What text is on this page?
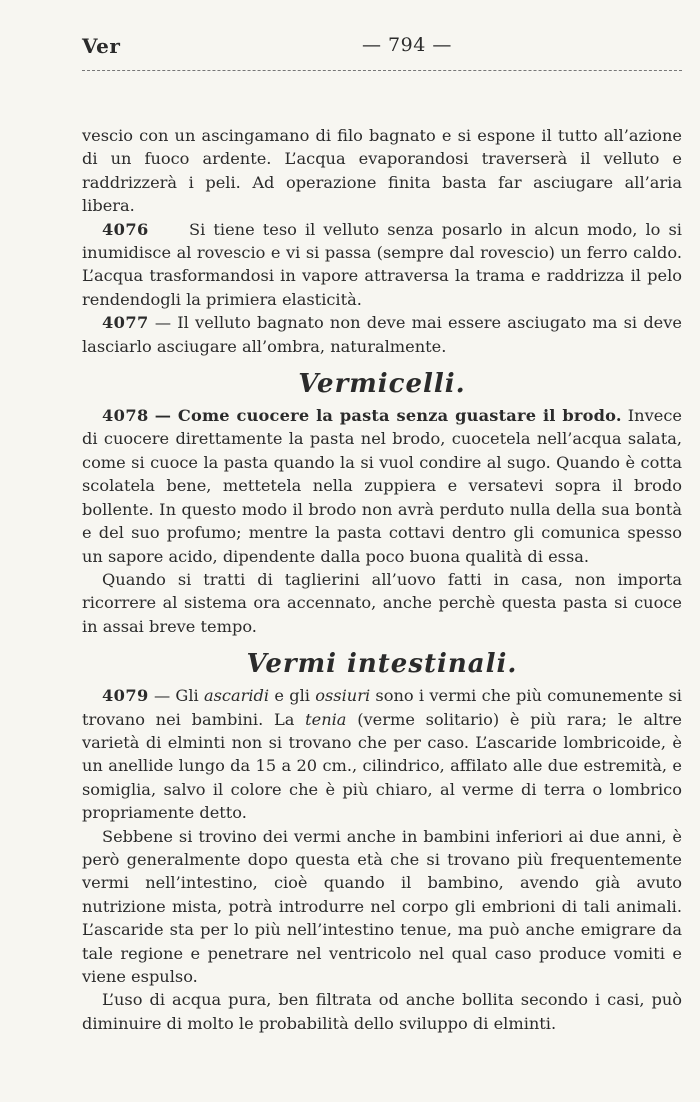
Ver	— 794 —

vescio con un ascingamano di filo bagnato e si espone il tutto all’azione di un fuoco ardente. L’acqua evaporandosi traverserà il velluto e raddrizzerà i peli. Ad operazione finita basta far asciugare all’aria libera.

4076 Si tiene teso il velluto senza posarlo in alcun modo, lo si inumidisce al rovescio e vi si passa (sempre dal rovescio) un ferro caldo. L’acqua trasformandosi in vapore attraversa la trama e raddrizza il pelo rendendogli la primiera elasticità.

4077 — Il velluto bagnato non deve mai essere asciugato ma si deve lasciarlo asciugare all’ombra, naturalmente.

Vermicelli.

4078 — Come cuocere la pasta senza guastare il brodo. Invece di cuocere direttamente la pasta nel brodo, cuocetela nell’acqua salata, come si cuoce la pasta quando la si vuol condire al sugo. Quando è cotta scolatela bene, mettetela nella zuppiera e versatevi sopra il brodo bollente. In questo modo il brodo non avrà perduto nulla della sua bontà e del suo profumo; mentre la pasta cottavi dentro gli comunica spesso un sapore acido, dipendente dalla poco buona qualità di essa.

Quando si tratti di taglierini all’uovo fatti in casa, non importa ricorrere al sistema ora accennato, anche perchè questa pasta si cuoce in assai breve tempo.

Vermi intestinali.

4079 — Gli ascaridi e gli ossiuri sono i vermi che più comunemente si trovano nei bambini. La tenia (verme solitario) è più rara; le altre varietà di elminti non si trovano che per caso. L’ascaride lombricoide, è un anellide lungo da 15 a 20 cm., cilindrico, affilato alle due estremità, e somiglia, salvo il colore che è più chiaro, al verme di terra o lombrico propriamente detto.

Sebbene si trovino dei vermi anche in bambini inferiori ai due anni, è però generalmente dopo questa età che si trovano più frequentemente vermi nell’intestino, cioè quando il bambino, avendo già avuto nutrizione mista, potrà introdurre nel corpo gli embrioni di tali animali. L’ascaride sta per lo più nell’intestino tenue, ma può anche emigrare da tale regione e penetrare nel ventricolo nel qual caso produce vomiti e viene espulso.

L’uso di acqua pura, ben filtrata od anche bollita secondo i casi, può diminuire di molto le probabilità dello sviluppo di elminti.
